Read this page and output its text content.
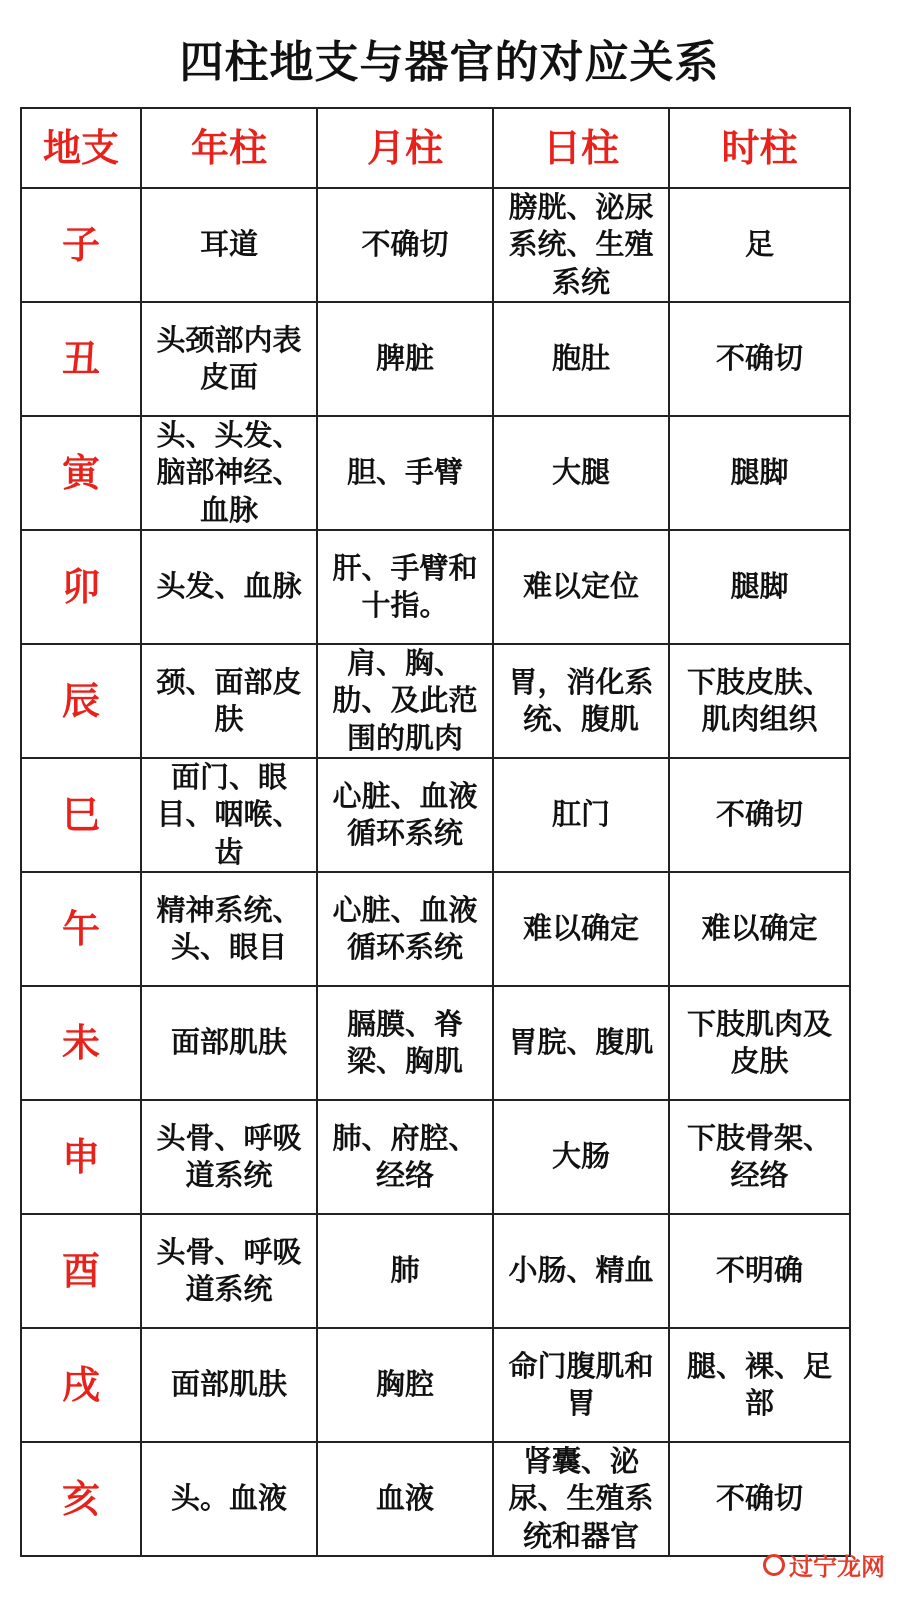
四柱地支与器官的对应关系
地支	年柱	月柱	日柱	时柱
子	耳道	不确切	膀胱、泌尿系统、生殖系统	足
丑	头颈部内表皮面	脾脏	胞肚	不确切
寅	头、头发、脑部神经、血脉	胆、手臂	大腿	腿脚
卯	头发、血脉	肝、手臂和十指。	难以定位	腿脚
辰	颈、面部皮肤	肩、胸、肋、及此范围的肌肉	胃，消化系统、腹肌	下肢皮肤、肌肉组织
巳	面门、眼目、咽喉、齿	心脏、血液循环系统	肛门	不确切
午	精神系统、头、眼目	心脏、血液循环系统	难以确定	难以确定
未	面部肌肤	膈膜、脊梁、胸肌	胃脘、腹肌	下肢肌肉及皮肤
申	头骨、呼吸道系统	肺、府腔、经络	大肠	下肢骨架、经络
酉	头骨、呼吸道系统	肺	小肠、精血	不明确
戌	面部肌肤	胸腔	命门腹肌和胃	腿、裸、足部
亥	头。血液	血液	肾囊、泌尿、生殖系统和器官	不确切
过宁龙网
